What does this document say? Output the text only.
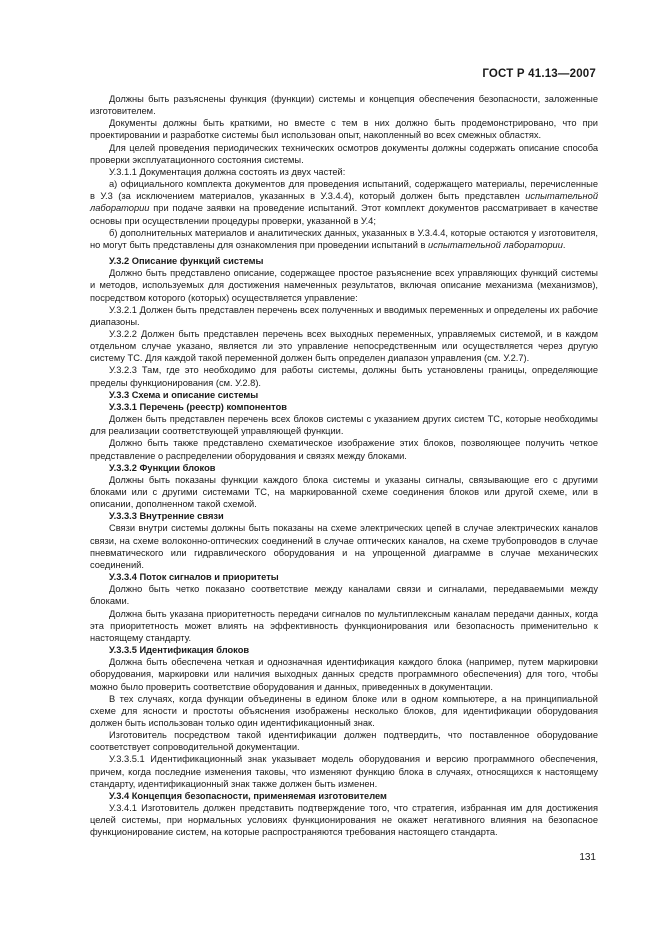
ГОСТ Р 41.13—2007

Должны быть разъяснены функция (функции) системы и концепция обеспечения безопасности, заложенные изготовителем.

Документы должны быть краткими, но вместе с тем в них должно быть продемонстрировано, что при проектировании и разработке системы был использован опыт, накопленный во всех смежных областях.

Для целей проведения периодических технических осмотров документы должны содержать описание способа проверки эксплуатационного состояния системы.

У.3.1.1 Документация должна состоять из двух частей:

а) официального комплекта документов для проведения испытаний, содержащего материалы, перечисленные в У.3 (за исключением материалов, указанных в У.3.4.4), который должен быть представлен испытательной лаборатории при подаче заявки на проведение испытаний. Этот комплект документов рассматривает в качестве основы при осуществлении процедуры проверки, указанной в У.4;

б) дополнительных материалов и аналитических данных, указанных в У.3.4.4, которые остаются у изготовителя, но могут быть представлены для ознакомления при проведении испытаний в испытательной лаборатории.

У.3.2 Описание функций системы

Должно быть представлено описание, содержащее простое разъяснение всех управляющих функций системы и методов, используемых для достижения намеченных результатов, включая описание механизма (механизмов), посредством которого (которых) осуществляется управление:

У.3.2.1 Должен быть представлен перечень всех полученных и вводимых переменных и определены их рабочие диапазоны.

У.3.2.2 Должен быть представлен перечень всех выходных переменных, управляемых системой, и в каждом отдельном случае указано, является ли это управление непосредственным или осуществляется через другую систему ТС. Для каждой такой переменной должен быть определен диапазон управления (см. У.2.7).

У.3.2.3 Там, где это необходимо для работы системы, должны быть установлены границы, определяющие пределы функционирования (см. У.2.8).

У.3.3 Схема и описание системы

У.3.3.1 Перечень (реестр) компонентов

Должен быть представлен перечень всех блоков системы с указанием других систем ТС, которые необходимы для реализации соответствующей управляющей функции.

Должно быть также представлено схематическое изображение этих блоков, позволяющее получить четкое представление о распределении оборудования и связях между блоками.

У.3.3.2 Функции блоков

Должны быть показаны функции каждого блока системы и указаны сигналы, связывающие его с другими блоками или с другими системами ТС, на маркированной схеме соединения блоков или другой схеме, или в описании, дополненном такой схемой.

У.3.3.3 Внутренние связи

Связи внутри системы должны быть показаны на схеме электрических цепей в случае электрических каналов связи, на схеме волоконно-оптических соединений в случае оптических каналов, на схеме трубопроводов в случае пневматического или гидравлического оборудования и на упрощенной диаграмме в случае механических соединений.

У.3.3.4 Поток сигналов и приоритеты

Должно быть четко показано соответствие между каналами связи и сигналами, передаваемыми между блоками.

Должна быть указана приоритетность передачи сигналов по мультиплексным каналам передачи данных, когда эта приоритетность может влиять на эффективность функционирования или безопасность применительно к настоящему стандарту.

У.3.3.5 Идентификация блоков

Должна быть обеспечена четкая и однозначная идентификация каждого блока (например, путем маркировки оборудования, маркировки или наличия выходных данных средств программного обеспечения) для того, чтобы можно было проверить соответствие оборудования и данных, приведенных в документации.

В тех случаях, когда функции объединены в едином блоке или в одном компьютере, а на принципиальной схеме для ясности и простоты объяснения изображены несколько блоков, для идентификации оборудования должен быть использован только один идентификационный знак.

Изготовитель посредством такой идентификации должен подтвердить, что поставленное оборудование соответствует сопроводительной документации.

У.3.3.5.1 Идентификационный знак указывает модель оборудования и версию программного обеспечения, причем, когда последние изменения таковы, что изменяют функцию блока в случаях, относящихся к настоящему стандарту, идентификационный знак также должен быть изменен.

У.3.4 Концепция безопасности, применяемая изготовителем

У.3.4.1 Изготовитель должен представить подтверждение того, что стратегия, избранная им для достижения целей системы, при нормальных условиях функционирования не окажет негативного влияния на безопасное функционирование систем, на которые распространяются требования настоящего стандарта.

131
